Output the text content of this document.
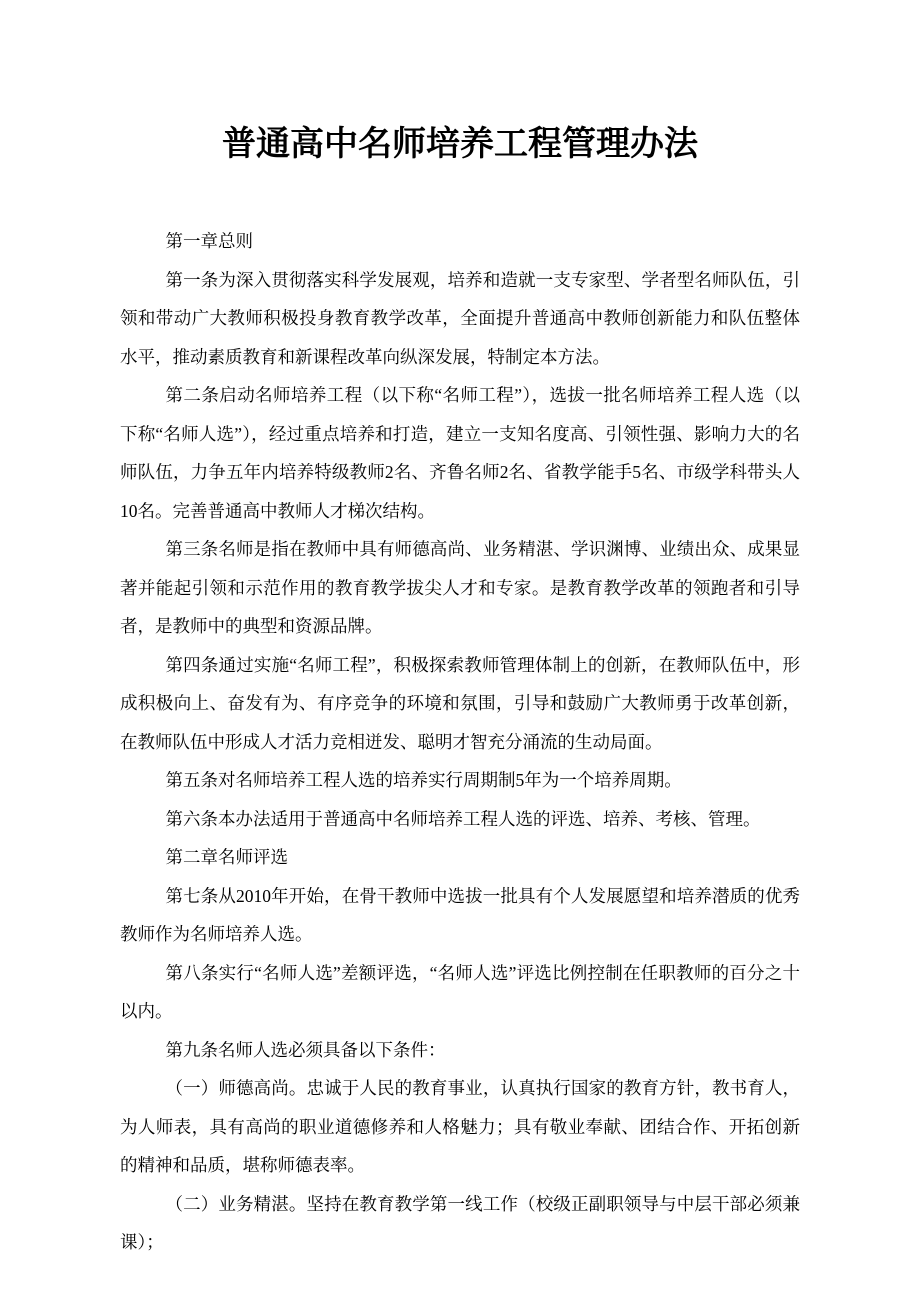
普通高中名师培养工程管理办法

第一章总则

第一条为深入贯彻落实科学发展观，培养和造就一支专家型、学者型名师队伍，引领和带动广大教师积极投身教育教学改革，全面提升普通高中教师创新能力和队伍整体水平，推动素质教育和新课程改革向纵深发展，特制定本方法。

第二条启动名师培养工程（以下称“名师工程”），选拔一批名师培养工程人选（以下称“名师人选”），经过重点培养和打造，建立一支知名度高、引领性强、影响力大的名师队伍，力争五年内培养特级教师2名、齐鲁名师2名、省教学能手5名、市级学科带头人10名。完善普通高中教师人才梯次结构。

第三条名师是指在教师中具有师德高尚、业务精湛、学识渊博、业绩出众、成果显著并能起引领和示范作用的教育教学拔尖人才和专家。是教育教学改革的领跑者和引导者，是教师中的典型和资源品牌。

第四条通过实施“名师工程”，积极探索教师管理体制上的创新，在教师队伍中，形成积极向上、奋发有为、有序竞争的环境和氛围，引导和鼓励广大教师勇于改革创新，在教师队伍中形成人才活力竞相迸发、聪明才智充分涌流的生动局面。

第五条对名师培养工程人选的培养实行周期制5年为一个培养周期。

第六条本办法适用于普通高中名师培养工程人选的评选、培养、考核、管理。

第二章名师评选

第七条从2010年开始，在骨干教师中选拔一批具有个人发展愿望和培养潜质的优秀教师作为名师培养人选。

第八条实行“名师人选”差额评选，“名师人选”评选比例控制在任职教师的百分之十以内。

第九条名师人选必须具备以下条件：

（一）师德高尚。忠诚于人民的教育事业，认真执行国家的教育方针，教书育人，为人师表，具有高尚的职业道德修养和人格魅力；具有敬业奉献、团结合作、开拓创新的精神和品质，堪称师德表率。

（二）业务精湛。坚持在教育教学第一线工作（校级正副职领导与中层干部必须兼课）；
